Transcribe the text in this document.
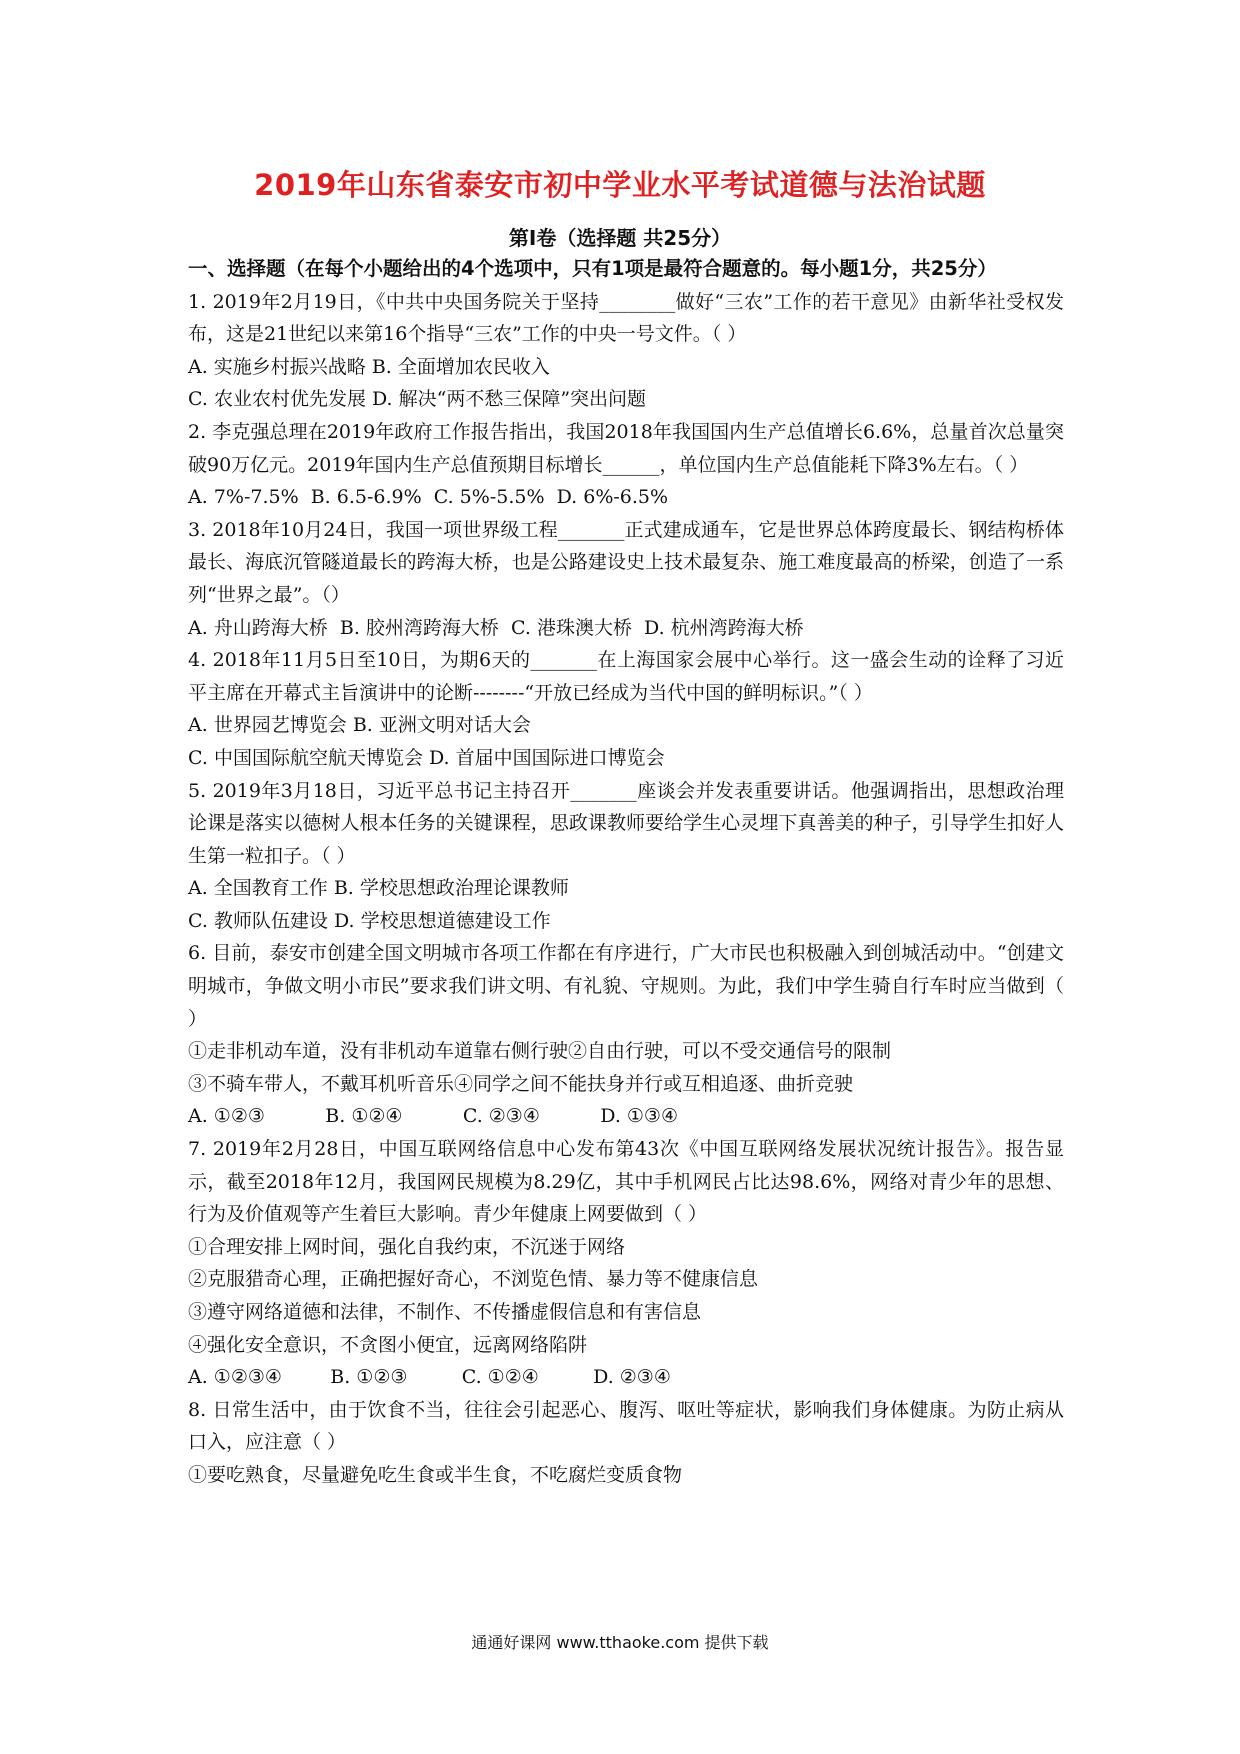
2019年山东省泰安市初中学业水平考试道德与法治试题
第Ⅰ卷（选择题 共25分）

一、选择题（在每个小题给出的4个选项中，只有1项是最符合题意的。每小题1分，共25分）

1. 2019年2月19日，《中共中央国务院关于坚持________做好“三农”工作的若干意见》由新华社受权发布，这是21世纪以来第16个指导“三农”工作的中央一号文件。（ ）

A. 实施乡村振兴战略 B. 全面增加农民收入

C. 农业农村优先发展 D. 解决“两不愁三保障”突出问题

2. 李克强总理在2019年政府工作报告指出，我国2018年我国国内生产总值增长6.6%，总量首次总量突破90万亿元。2019年国内生产总值预期目标增长______，单位国内生产总值能耗下降3%左右。（ ）

A. 7%-7.5%  B. 6.5-6.9%  C. 5%-5.5%  D. 6%-6.5%

3. 2018年10月24日，我国一项世界级工程_______正式建成通车，它是世界总体跨度最长、钢结构桥体最长、海底沉管隧道最长的跨海大桥，也是公路建设史上技术最复杂、施工难度最高的桥梁，创造了一系列“世界之最”。（）

A. 舟山跨海大桥  B. 胶州湾跨海大桥  C. 港珠澳大桥  D. 杭州湾跨海大桥

4. 2018年11月5日至10日，为期6天的_______在上海国家会展中心举行。这一盛会生动的诠释了习近平主席在开幕式主旨演讲中的论断--------“开放已经成为当代中国的鲜明标识。”（ ）

A. 世界园艺博览会 B. 亚洲文明对话大会

C. 中国国际航空航天博览会 D. 首届中国国际进口博览会

5. 2019年3月18日，习近平总书记主持召开_______座谈会并发表重要讲话。他强调指出，思想政治理论课是落实以德树人根本任务的关键课程，思政课教师要给学生心灵埋下真善美的种子，引导学生扣好人生第一粒扣子。（ ）

A. 全国教育工作 B. 学校思想政治理论课教师

C. 教师队伍建设 D. 学校思想道德建设工作

6. 目前，泰安市创建全国文明城市各项工作都在有序进行，广大市民也积极融入到创城活动中。“创建文明城市，争做文明小市民”要求我们讲文明、有礼貌、守规则。为此，我们中学生骑自行车时应当做到（ ）

①走非机动车道，没有非机动车道靠右侧行驶②自由行驶，可以不受交通信号的限制

③不骑车带人，不戴耳机听音乐④同学之间不能扶身并行或互相追逐、曲折竞驶

A. ①②③          B. ①②④          C. ②③④          D. ①③④

7. 2019年2月28日，中国互联网络信息中心发布第43次《中国互联网络发展状况统计报告》。报告显示，截至2018年12月，我国网民规模为8.29亿，其中手机网民占比达98.6%，网络对青少年的思想、行为及价值观等产生着巨大影响。青少年健康上网要做到（ ）

①合理安排上网时间，强化自我约束，不沉迷于网络

②克服猎奇心理，正确把握好奇心，不浏览色情、暴力等不健康信息

③遵守网络道德和法律，不制作、不传播虚假信息和有害信息

④强化安全意识，不贪图小便宜，远离网络陷阱

A. ①②③④        B. ①②③         C. ①②④         D. ②③④

8. 日常生活中，由于饮食不当，往往会引起恶心、腹泻、呕吐等症状，影响我们身体健康。为防止病从口入，应注意（ ）

①要吃熟食，尽量避免吃生食或半生食，不吃腐烂变质食物

通通好课网 www.tthaoke.com 提供下载
